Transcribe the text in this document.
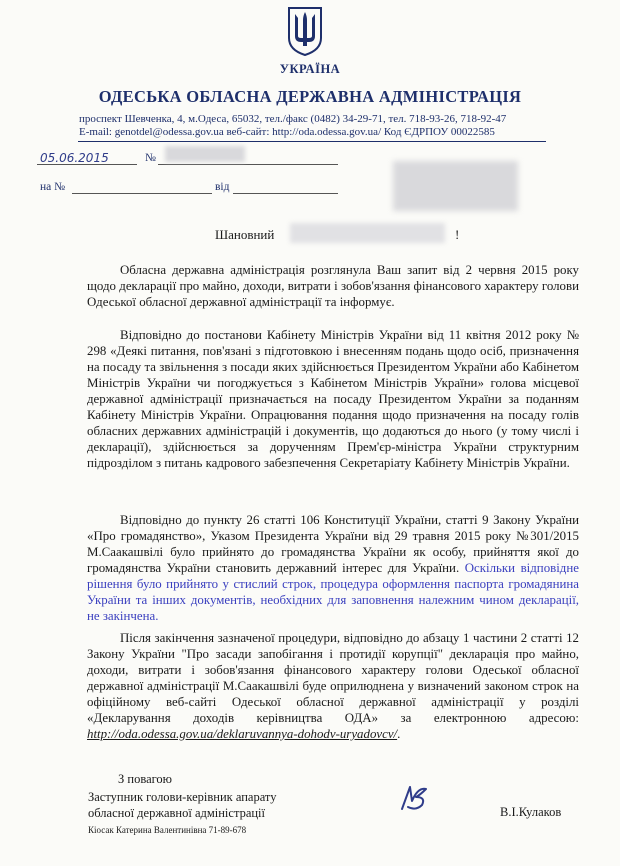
УКРАЇНА
ОДЕСЬКА ОБЛАСНА ДЕРЖАВНА АДМІНІСТРАЦІЯ
проспект Шевченка, 4, м.Одеса, 65032, тел./факс (0482) 34-29-71, тел. 718-93-26, 718-92-47
E-mail: genotdel@odessa.gov.ua веб-сайт: http://oda.odessa.gov.ua/ Код ЄДРПОУ 00022585
05.06.2015	№
на №	від
Шановний	!

Обласна державна адміністрація розглянула Ваш запит від 2 червня 2015 року щодо декларації про майно, доходи, витрати і зобов'язання фінансового характеру голови Одеської обласної державної адміністрації та інформує.

Відповідно до постанови Кабінету Міністрів України від 11 квітня 2012 року № 298 «Деякі питання, пов'язані з підготовкою і внесенням подань щодо осіб, призначення на посаду та звільнення з посади яких здійснюється Президентом України або Кабінетом Міністрів України чи погоджується з Кабінетом Міністрів України» голова місцевої державної адміністрації призначається на посаду Президентом України за поданням Кабінету Міністрів України. Опрацювання подання щодо призначення на посаду голів обласних державних адміністрацій і документів, що додаються до нього (у тому числі і декларації), здійснюється за дорученням Прем'єр-міністра України структурним підрозділом з питань кадрового забезпечення Секретаріату Кабінету Міністрів України.

Відповідно до пункту 26 статті 106 Конституції України, статті 9 Закону України «Про громадянство», Указом Президента України від 29 травня 2015 року №301/2015 М.Саакашвілі було прийнято до громадянства України як особу, прийняття якої до громадянства України становить державний інтерес для України. Оскільки відповідне рішення було прийнято у стислий строк, процедура оформлення паспорта громадянина України та інших документів, необхідних для заповнення належним чином декларації, не закінчена.

Після закінчення зазначеної процедури, відповідно до абзацу 1 частини 2 статті 12 Закону України "Про засади запобігання і протидії корупції" декларація про майно, доходи, витрати і зобов'язання фінансового характеру голови Одеської обласної державної адміністрації М.Саакашвілі буде оприлюднена у визначений законом строк на офіційному веб-сайті Одеської обласної державної адміністрації у розділі «Декларування доходів керівництва ОДА» за електронною адресою: http://oda.odessa.gov.ua/deklaruvannya-dohodv-uryadovcv/.

З повагою
Заступник голови-керівник апарату
обласної державної адміністрації	В.І.Кулаков
Кіосак Катерина Валентинівна 71-89-678
